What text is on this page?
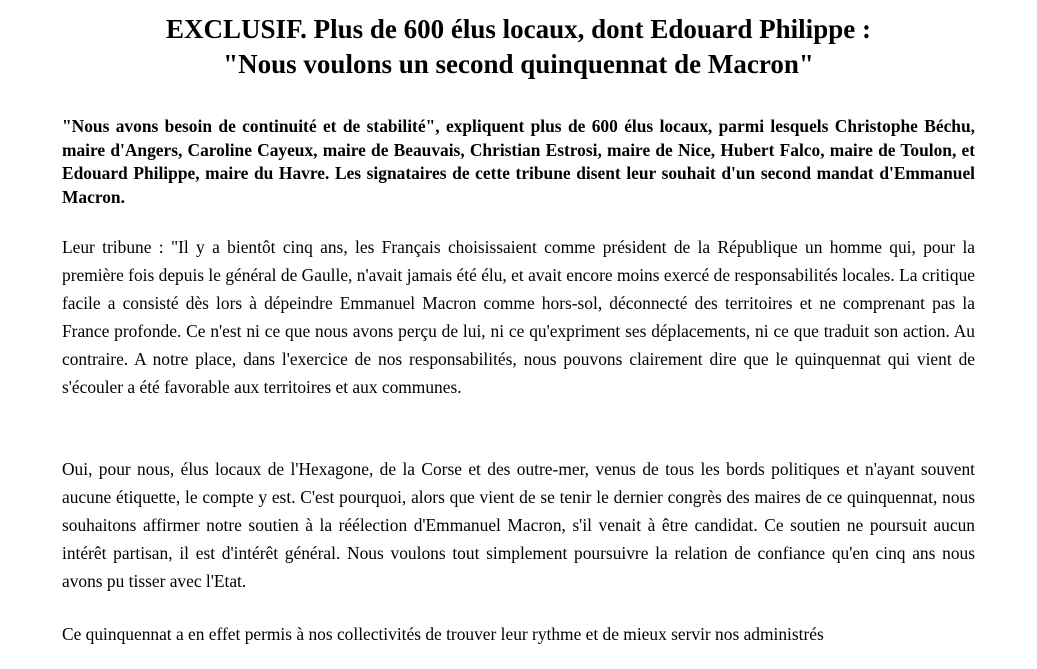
EXCLUSIF. Plus de 600 élus locaux, dont Edouard Philippe :
"Nous voulons un second quinquennat de Macron"

"Nous avons besoin de continuité et de stabilité", expliquent plus de 600 élus locaux, parmi lesquels Christophe Béchu, maire d'Angers, Caroline Cayeux, maire de Beauvais, Christian Estrosi, maire de Nice, Hubert Falco, maire de Toulon, et Edouard Philippe, maire du Havre. Les signataires de cette tribune disent leur souhait d'un second mandat d'Emmanuel Macron.

Leur tribune : "Il y a bientôt cinq ans, les Français choisissaient comme président de la République un homme qui, pour la première fois depuis le général de Gaulle, n'avait jamais été élu, et avait encore moins exercé de responsabilités locales. La critique facile a consisté dès lors à dépeindre Emmanuel Macron comme hors-sol, déconnecté des territoires et ne comprenant pas la France profonde. Ce n'est ni ce que nous avons perçu de lui, ni ce qu'expriment ses déplacements, ni ce que traduit son action. Au contraire. A notre place, dans l'exercice de nos responsabilités, nous pouvons clairement dire que le quinquennat qui vient de s'écouler a été favorable aux territoires et aux communes.

Oui, pour nous, élus locaux de l'Hexagone, de la Corse et des outre-mer, venus de tous les bords politiques et n'ayant souvent aucune étiquette, le compte y est. C'est pourquoi, alors que vient de se tenir le dernier congrès des maires de ce quinquennat, nous souhaitons affirmer notre soutien à la réélection d'Emmanuel Macron, s'il venait à être candidat. Ce soutien ne poursuit aucun intérêt partisan, il est d'intérêt général. Nous voulons tout simplement poursuivre la relation de confiance qu'en cinq ans nous avons pu tisser avec l'Etat.

Ce quinquennat a en effet permis à nos collectivités de trouver leur rythme et de mieux servir nos administrés
